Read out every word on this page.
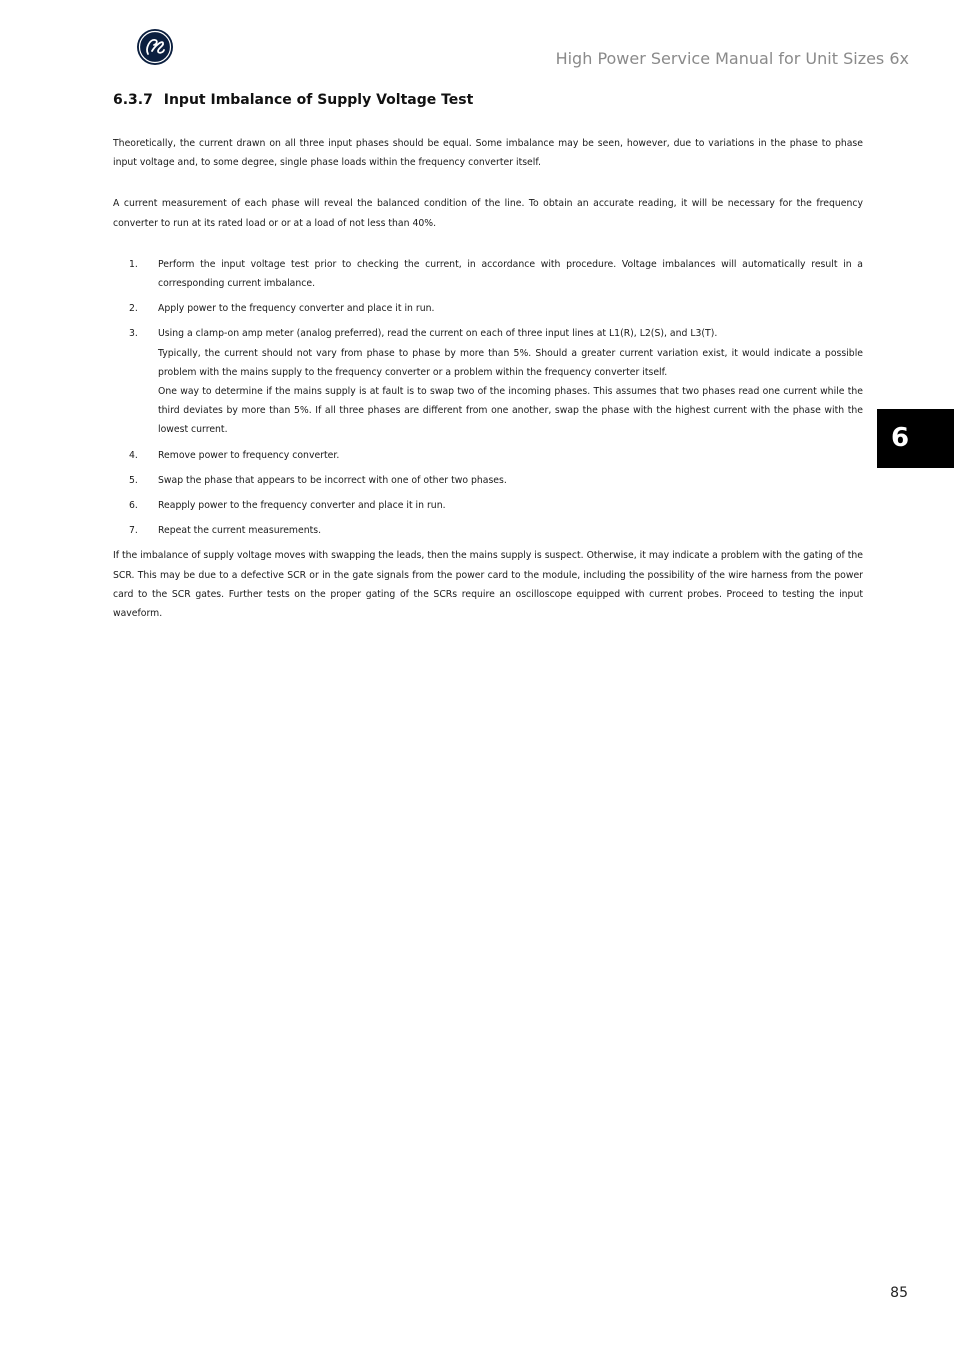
High Power Service Manual for Unit Sizes 6x
6.3.7 Input Imbalance of Supply Voltage Test

Theoretically, the current drawn on all three input phases should be equal. Some imbalance may be seen, however, due to variations in the phase to phase input voltage and, to some degree, single phase loads within the frequency converter itself.

A current measurement of each phase will reveal the balanced condition of the line. To obtain an accurate reading, it will be necessary for the frequency converter to run at its rated load or or at a load of not less than 40%.

1. Perform the input voltage test prior to checking the current, in accordance with procedure. Voltage imbalances will automatically result in a corresponding current imbalance.
2. Apply power to the frequency converter and place it in run.
3. Using a clamp-on amp meter (analog preferred), read the current on each of three input lines at L1(R), L2(S), and L3(T).
Typically, the current should not vary from phase to phase by more than 5%. Should a greater current variation exist, it would indicate a possible problem with the mains supply to the frequency converter or a problem within the frequency converter itself.
One way to determine if the mains supply is at fault is to swap two of the incoming phases. This assumes that two phases read one current while the third deviates by more than 5%. If all three phases are different from one another, swap the phase with the highest current with the phase with the lowest current.
4. Remove power to frequency converter.
5. Swap the phase that appears to be incorrect with one of other two phases.
6. Reapply power to the frequency converter and place it in run.
7. Repeat the current measurements.

If the imbalance of supply voltage moves with swapping the leads, then the mains supply is suspect. Otherwise, it may indicate a problem with the gating of the SCR. This may be due to a defective SCR or in the gate signals from the power card to the module, including the possibility of the wire harness from the power card to the SCR gates. Further tests on the proper gating of the SCRs require an oscilloscope equipped with current probes. Proceed to testing the input waveform.

6
85
